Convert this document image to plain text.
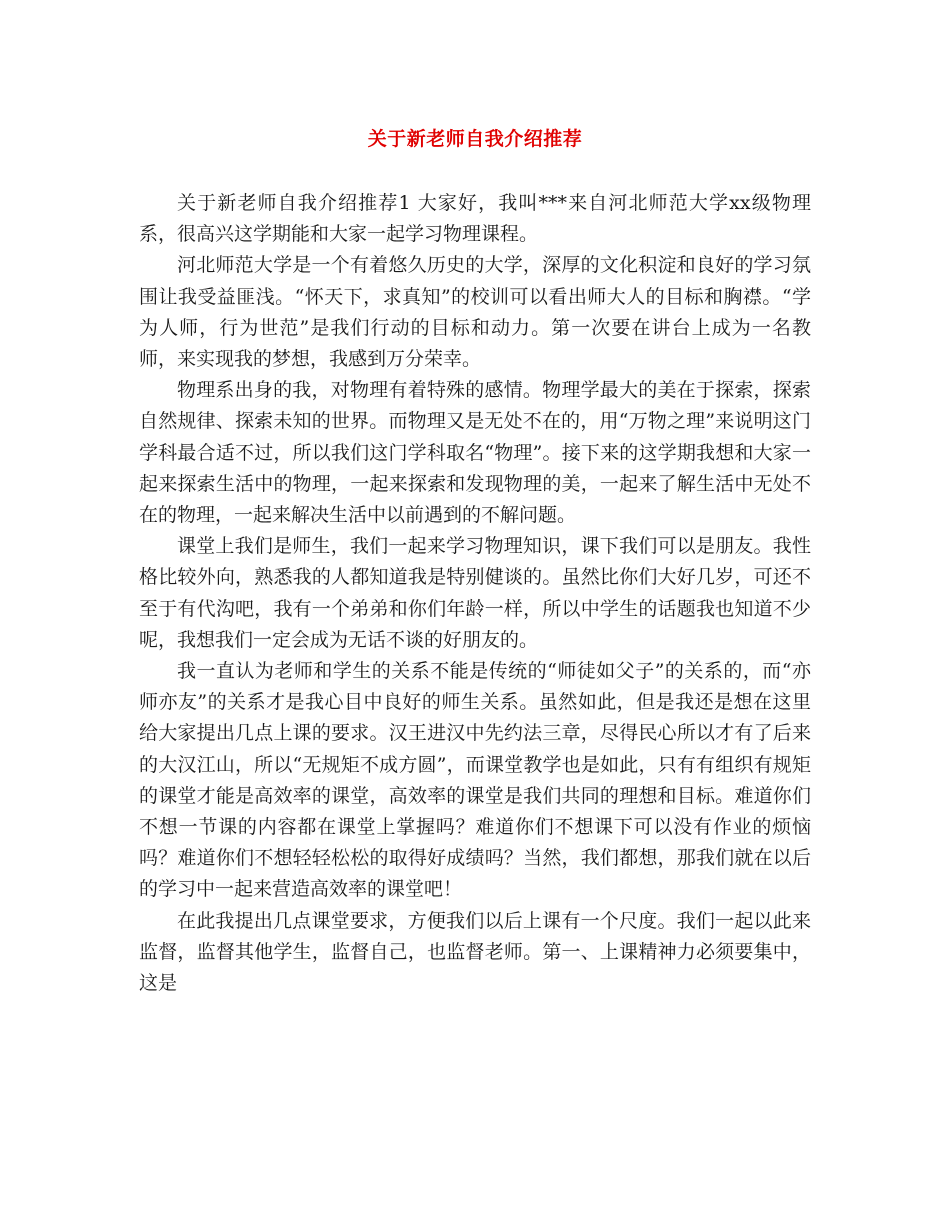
关于新老师自我介绍推荐

关于新老师自我介绍推荐1 大家好，我叫***来自河北师范大学xx级物理系，很高兴这学期能和大家一起学习物理课程。

河北师范大学是一个有着悠久历史的大学，深厚的文化积淀和良好的学习氛围让我受益匪浅。“怀天下，求真知”的校训可以看出师大人的目标和胸襟。“学为人师，行为世范”是我们行动的目标和动力。第一次要在讲台上成为一名教师，来实现我的梦想，我感到万分荣幸。

物理系出身的我，对物理有着特殊的感情。物理学最大的美在于探索，探索自然规律、探索未知的世界。而物理又是无处不在的，用“万物之理”来说明这门学科最合适不过，所以我们这门学科取名“物理”。接下来的这学期我想和大家一起来探索生活中的物理，一起来探索和发现物理的美，一起来了解生活中无处不在的物理，一起来解决生活中以前遇到的不解问题。

课堂上我们是师生，我们一起来学习物理知识，课下我们可以是朋友。我性格比较外向，熟悉我的人都知道我是特别健谈的。虽然比你们大好几岁，可还不至于有代沟吧，我有一个弟弟和你们年龄一样，所以中学生的话题我也知道不少呢，我想我们一定会成为无话不谈的好朋友的。

我一直认为老师和学生的关系不能是传统的“师徒如父子”的关系的，而“亦师亦友”的关系才是我心目中良好的师生关系。虽然如此，但是我还是想在这里给大家提出几点上课的要求。汉王进汉中先约法三章，尽得民心所以才有了后来的大汉江山，所以“无规矩不成方圆”，而课堂教学也是如此，只有有组织有规矩的课堂才能是高效率的课堂，高效率的课堂是我们共同的理想和目标。难道你们不想一节课的内容都在课堂上掌握吗？难道你们不想课下可以没有作业的烦恼吗？难道你们不想轻轻松松的取得好成绩吗？当然，我们都想，那我们就在以后的学习中一起来营造高效率的课堂吧！

在此我提出几点课堂要求，方便我们以后上课有一个尺度。我们一起以此来监督，监督其他学生，监督自己，也监督老师。第一、上课精神力必须要集中，这是
